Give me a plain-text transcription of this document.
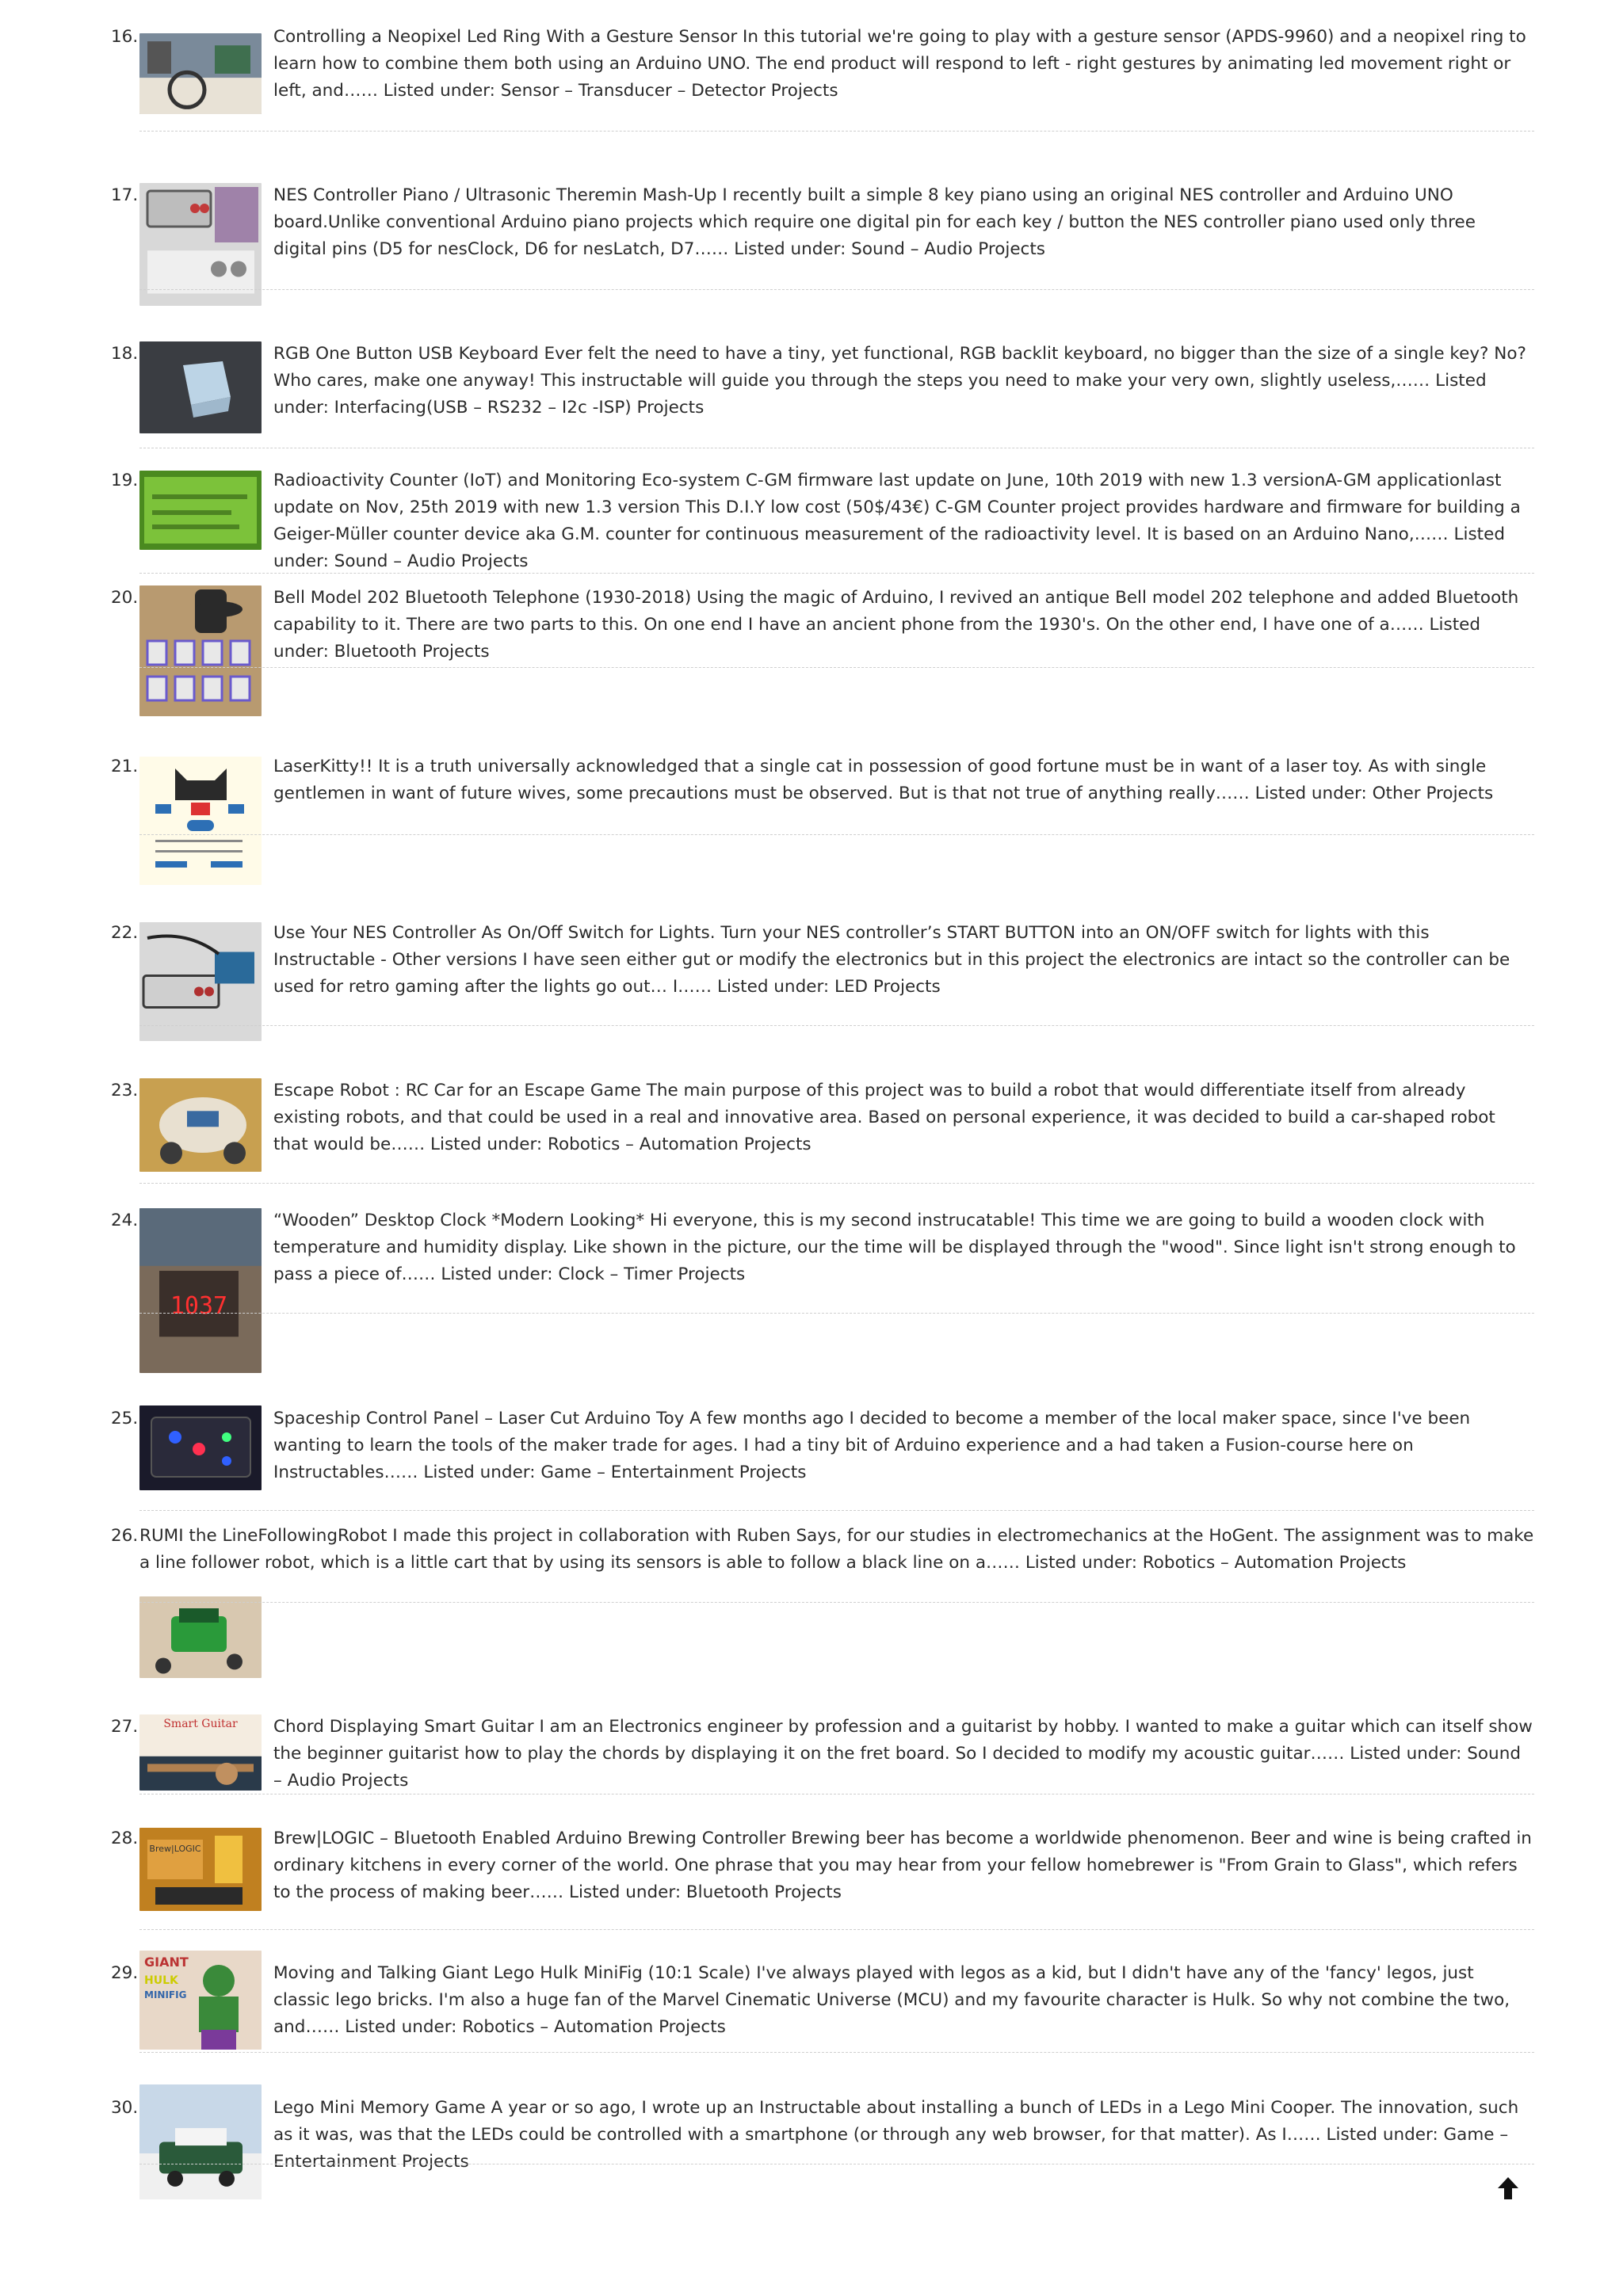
16.	Controlling a Neopixel Led Ring With a Gesture Sensor In this tutorial we're going to play with a gesture sensor (APDS-9960) and a neopixel ring to learn how to combine them both using an Arduino UNO. The end product will respond to left - right gestures by animating led movement right or left, and…… Listed under: Sensor – Transducer – Detector Projects

17.	NES Controller Piano / Ultrasonic Theremin Mash-Up I recently built a simple 8 key piano using an original NES controller and Arduino UNO board.Unlike conventional Arduino piano projects which require one digital pin for each key / button the NES controller piano used only three digital pins (D5 for nesClock, D6 for nesLatch, D7…… Listed under: Sound – Audio Projects

18.	RGB One Button USB Keyboard Ever felt the need to have a tiny, yet functional, RGB backlit keyboard, no bigger than the size of a single key? No? Who cares, make one anyway! This instructable will guide you through the steps you need to make your very own, slightly useless,…… Listed under: Interfacing(USB – RS232 – I2c -ISP) Projects

19.	Radioactivity Counter (IoT) and Monitoring Eco-system C-GM firmware last update on June, 10th 2019 with new 1.3 versionA-GM applicationlast update on Nov, 25th 2019 with new 1.3 version This D.I.Y low cost (50$/43€) C-GM Counter project provides hardware and firmware for building a Geiger-Müller counter device aka G.M. counter for continuous measurement of the radioactivity level. It is based on an Arduino Nano,…… Listed under: Sound – Audio Projects

20.	Bell Model 202 Bluetooth Telephone (1930-2018) Using the magic of Arduino, I revived an antique Bell model 202 telephone and added Bluetooth capability to it. There are two parts to this. On one end I have an ancient phone from the 1930's. On the other end, I have one of a…… Listed under: Bluetooth Projects

21.	LaserKitty!! It is a truth universally acknowledged that a single cat in possession of good fortune must be in want of a laser toy. As with single gentlemen in want of future wives, some precautions must be observed. But is that not true of anything really…… Listed under: Other Projects

22.	Use Your NES Controller As On/Off Switch for Lights. Turn your NES controller’s START BUTTON into an ON/OFF switch for lights with this Instructable - Other versions I have seen either gut or modify the electronics but in this project the electronics are intact so the controller can be used for retro gaming after the lights go out… I…… Listed under: LED Projects

23.	Escape Robot : RC Car for an Escape Game The main purpose of this project was to build a robot that would differentiate itself from already existing robots, and that could be used in a real and innovative area. Based on personal experience, it was decided to build a car-shaped robot that would be…… Listed under: Robotics – Automation Projects

24.	“Wooden” Desktop Clock *Modern Looking* Hi everyone, this is my second instrucatable! This time we are going to build a wooden clock with temperature and humidity display. Like shown in the picture, our the time will be displayed through the "wood". Since light isn't strong enough to pass a piece of…… Listed under: Clock – Timer Projects

1037
25.	Spaceship Control Panel – Laser Cut Arduino Toy A few months ago I decided to become a member of the local maker space, since I've been wanting to learn the tools of the maker trade for ages. I had a tiny bit of Arduino experience and a had taken a Fusion-course here on Instructables…… Listed under: Game – Entertainment Projects

26. RUMI the LineFollowingRobot I made this project in collaboration with Ruben Says, for our studies in electromechanics at the HoGent. The assignment was to make a line follower robot, which is a little cart that by using its sensors is able to follow a black line on a…… Listed under: Robotics – Automation Projects

27.	Chord Displaying Smart Guitar I am an Electronics engineer by profession and a guitarist by hobby. I wanted to make a guitar which can itself show the beginner guitarist how to play the chords by displaying it on the fret board. So I decided to modify my acoustic guitar…… Listed under: Sound – Audio Projects

Smart Guitar
28.	Brew|LOGIC – Bluetooth Enabled Arduino Brewing Controller Brewing beer has become a worldwide phenomenon. Beer and wine is being crafted in ordinary kitchens in every corner of the world. One phrase that you may hear from your fellow homebrewer is "From Grain to Glass", which refers to the process of making beer…… Listed under: Bluetooth Projects

Brew|LOGIC
29.	Moving and Talking Giant Lego Hulk MiniFig (10:1 Scale) I've always played with legos as a kid, but I didn't have any of the 'fancy' legos, just classic lego bricks. I'm also a huge fan of the Marvel Cinematic Universe (MCU) and my favourite character is Hulk. So why not combine the two, and…… Listed under: Robotics – Automation Projects

GIANT
HULK
MINIFIG
30.	Lego Mini Memory Game A year or so ago, I wrote up an Instructable about installing a bunch of LEDs in a Lego Mini Cooper. The innovation, such as it was, was that the LEDs could be controlled with a smartphone (or through any web browser, for that matter). As I…… Listed under: Game – Entertainment Projects
